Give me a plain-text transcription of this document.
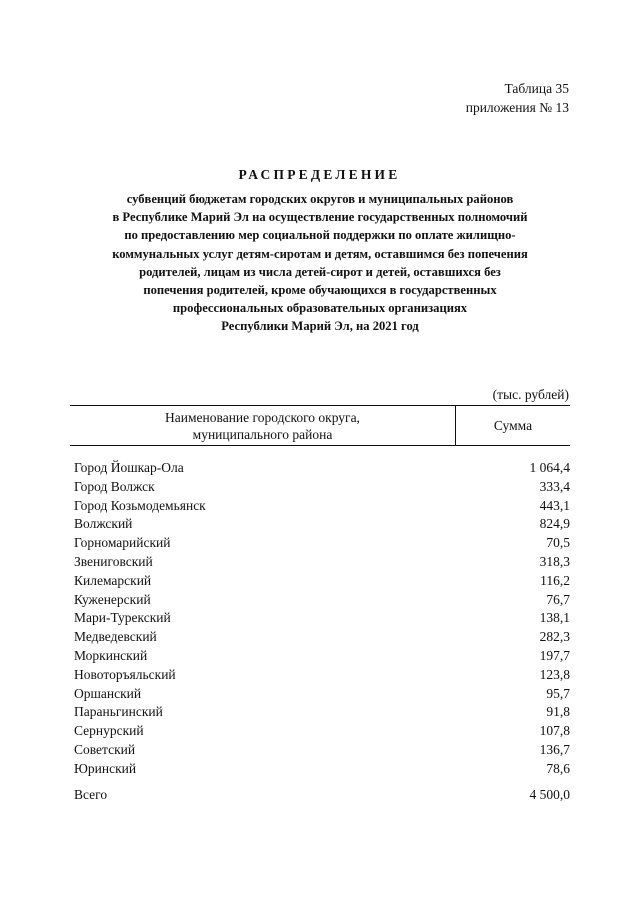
Таблица 35
приложения № 13
РАСПРЕДЕЛЕНИЕ
субвенций бюджетам городских округов и муниципальных районов
в Республике Марий Эл на осуществление государственных полномочий
по предоставлению мер социальной поддержки по оплате жилищно-
коммунальных услуг детям-сиротам и детям, оставшимся без попечения
родителей, лицам из числа детей-сирот и детей, оставшихся без
попечения родителей, кроме обучающихся в государственных
профессиональных образовательных организациях
Республики Марий Эл, на 2021 год
(тыс. рублей)
Наименование городского округа,
муниципального района
Сумма
Город Йошкар-Ола	1 064,4
Город Волжск	333,4
Город Козьмодемьянск	443,1
Волжский	824,9
Горномарийский	70,5
Звениговский	318,3
Килемарский	116,2
Куженерский	76,7
Мари-Турекский	138,1
Медведевский	282,3
Моркинский	197,7
Новоторъяльский	123,8
Оршанский	95,7
Параньгинский	91,8
Сернурский	107,8
Советский	136,7
Юринский	78,6
Всего	4 500,0
